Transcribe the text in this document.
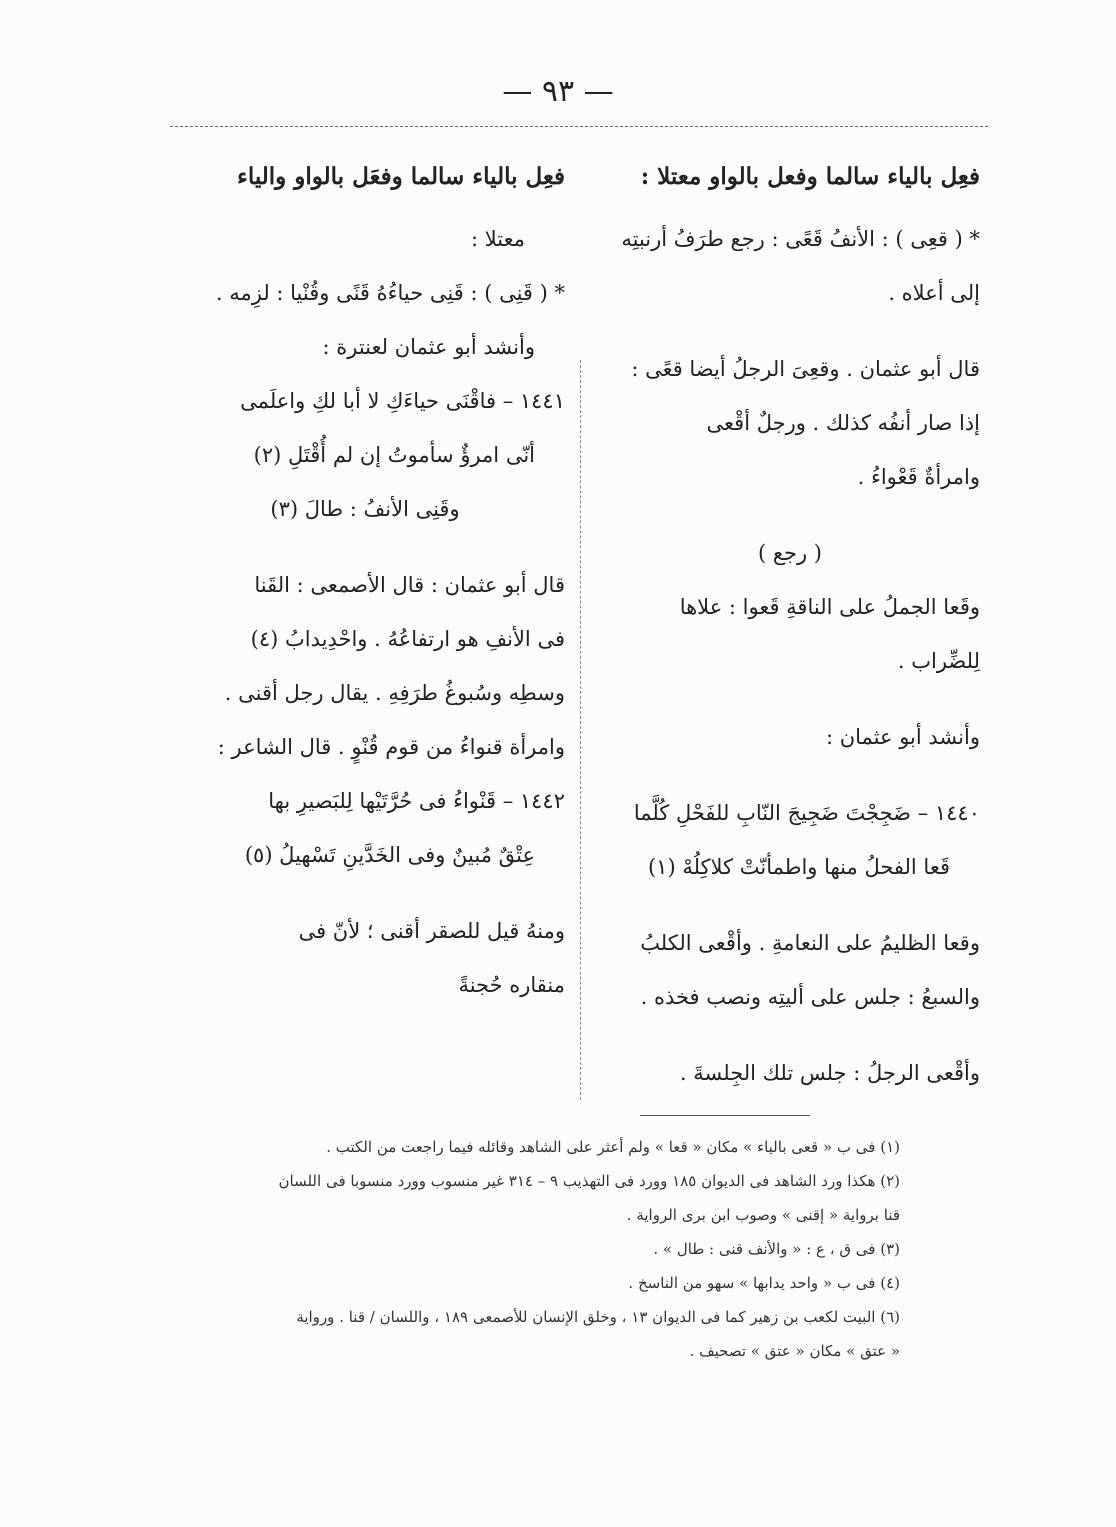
— ٩٣ —

فعِل بالياء سالما وفعل بالواو معتلا :

* ( قعِى ) : الأنفُ قَعًى : رجع طرَفُ أرنبتِه

إلى أعلاه .

قال أبو عثمان . وقعِىَ الرجلُ أيضا قعًى :

إذا صار أنفُه كذلك . ورجلٌ أقْعى

وامرأةٌ قَعْواءُ .

( رجع )

وقَعا الجملُ على الناقةِ قَعوا : علاها

لِلضِّراب .

وأنشد أبو عثمان :

١٤٤٠ – ضَجِجْتَ ضَجِيجَ النّابِ للفَحْلِ كُلَّما

قَعا الفحلُ منها واطمأنّتْ كلاكِلُهْ (١)

وقعا الظليمُ على النعامةِ . وأقْعى الكلبُ

والسبعُ : جلس على أليتِه ونصب فخذه .

وأقْعى الرجلُ : جلس تلك الجِلسةَ .

فعِل بالياء سالما وفعَل بالواو والياء

معتلا :

* ( قَنِى ) : قَنِى حياءُهُ قَنًى وقُنْيا : لزِمه .

وأنشد أبو عثمان لعنترة :

١٤٤١ – فاقْنَى حياءَكِ لا أبا لكِ واعلَمى

أنّى امرؤٌ سأموتُ إن لم أُقْتَلِ (٢)

وقَنِى الأنفُ : طالَ (٣)

قال أبو عثمان : قال الأصمعى : القَنا

فى الأنفِ هو ارتفاعُهُ . واحْدِيدابُ (٤)

وسطِه وسُبوغُ طرَفِهِ . يقال رجل أقنى .

وامرأة قنواءُ من قوم قُنْوٍ . قال الشاعر :

١٤٤٢ – قَنْواءُ فى حُرَّتَيْها لِلبَصيرِ بها

عِتْقٌ مُبينٌ وفى الخَدَّينِ تَسْهيلُ (٥)

ومنهُ قيل للصقر أقنى ؛ لأنّ فى

منقاره حُجنةً

(١) فى ب « قعى بالياء » مكان « قعا » ولم أعثر على الشاهد وقائله فيما راجعت من الكتب .

(٢) هكذا ورد الشاهد فى الديوان ١٨٥ وورد فى التهذيب ٩ – ٣١٤ غير منسوب وورد منسوبا فى اللسان

قنا برواية « إقنى » وصوب ابن برى الرواية .

(٣) فى ق ، ع : « والأنف قنى : طال » .

(٤) فى ب « واحد يدابها » سهو من الناسخ .

(٦) البيت لكعب بن زهير كما فى الديوان ١٣ ، وخلق الإنسان للأصمعى ١٨٩ ، واللسان / قنا . ورواية

« عتق » مكان « عتق » تصحيف .
